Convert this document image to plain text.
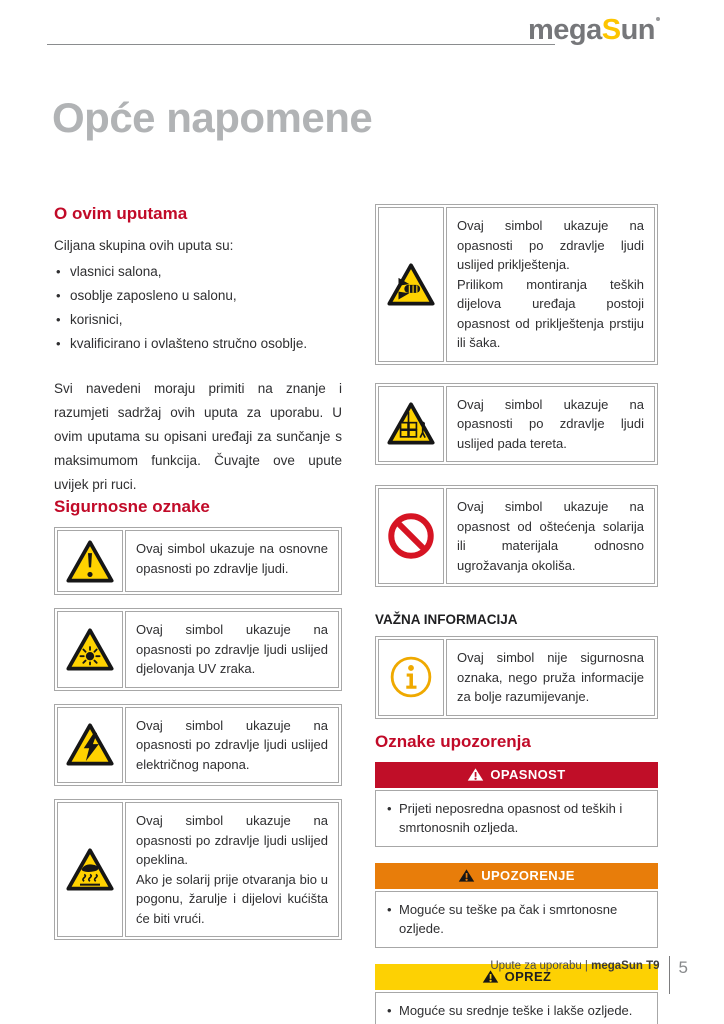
megaSun
Opće napomene
O ovim uputama
Ciljana skupina ovih uputa su:
• vlasnici salona,
• osoblje zaposleno u salonu,
• korisnici,
• kvalificirano i ovlašteno stručno osoblje.

Svi navedeni moraju primiti na znanje i razumjeti sadržaj ovih uputa za uporabu. U ovim uputama su opisani uređaji za sunčanje s maksimumom funkcija. Čuvajte ove upute uvijek pri ruci.

Sigurnosne oznake

Ovaj simbol ukazuje na osnovne opasnosti po zdravlje ljudi.

Ovaj simbol ukazuje na opasnosti po zdravlje ljudi uslijed djelovanja UV zraka.

Ovaj simbol ukazuje na opasnosti po zdravlje ljudi uslijed električnog napona.

Ovaj simbol ukazuje na opasnosti po zdravlje ljudi uslijed opeklina.

Ako je solarij prije otvaranja bio u pogonu, žarulje i dijelovi kućišta će biti vrući.

Ovaj simbol ukazuje na opasnosti po zdravlje ljudi uslijed priklještenja.

Prilikom montiranja teških dijelova uređaja postoji opasnost od priklještenja prstiju ili šaka.

Ovaj simbol ukazuje na opasnosti po zdravlje ljudi uslijed pada tereta.

Ovaj simbol ukazuje na opasnost od oštećenja solarija ili materijala odnosno ugrožavanja okoliša.

VAŽNA INFORMACIJA

Ovaj simbol nije sigurnosna oznaka, nego pruža informacije za bolje razumijevanje.

Oznake upozorenja
OPASNOST

• Prijeti neposredna opasnost od teških i smrtonosnih ozljeda.

UPOZORENJE

• Moguće su teške pa čak i smrtonosne ozljede.

OPREZ

• Moguće su srednje teške i lakše ozljede.

Upute za uporabu | megaSun T9 5
